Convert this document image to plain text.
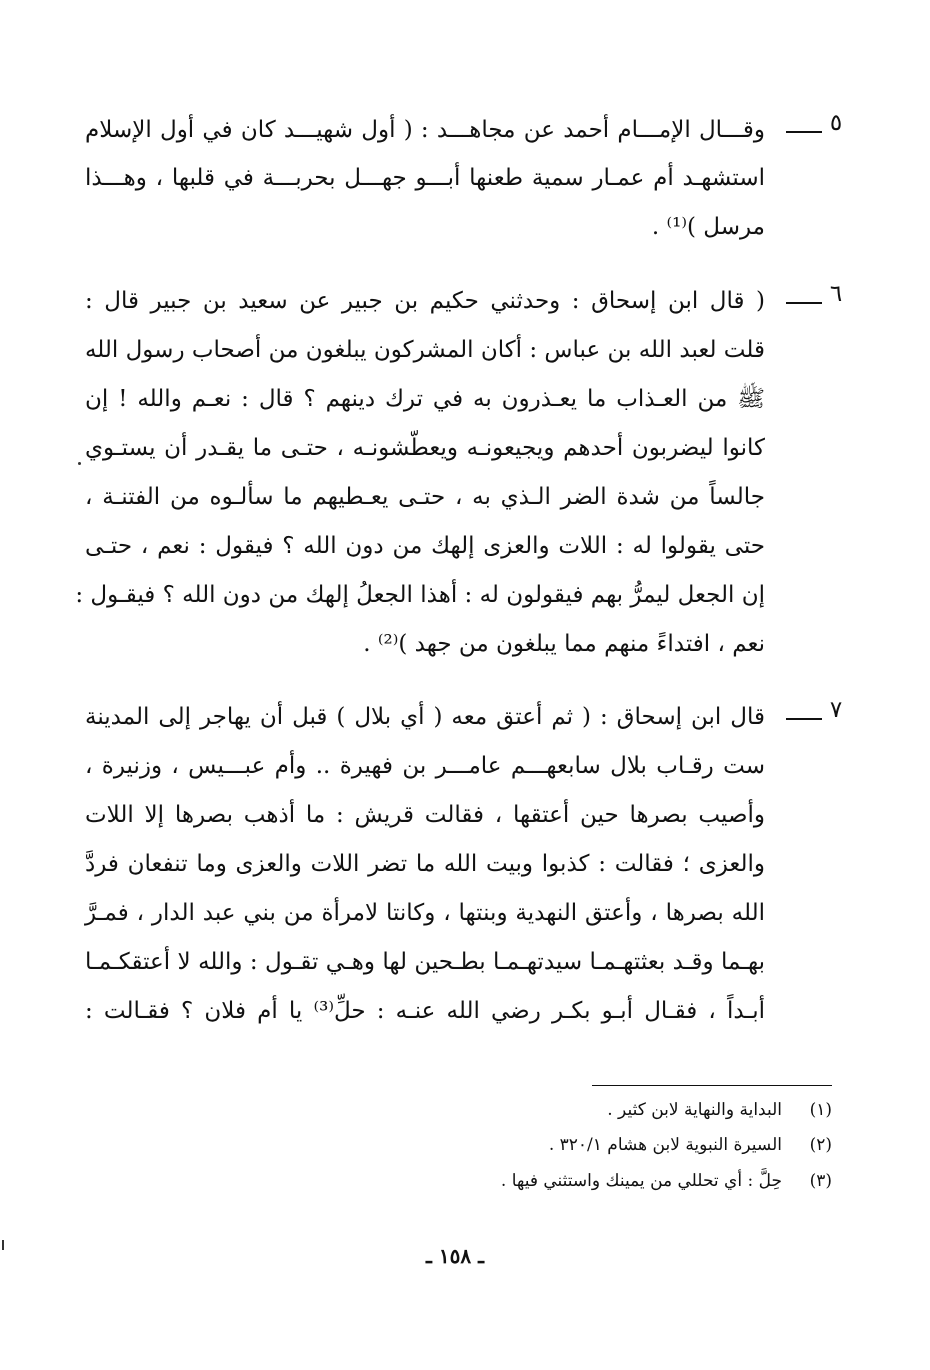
٥
وقـــال الإمـــام أحمد عن مجاهـــد : ( أول شهيـــد كان في أول الإسلام
استشهـد أم عمـار سمية طعنها أبـــو جهـــل بحربـــة في قلبها ، وهـــذا
مرسل )⁽¹⁾ .
٦
( قال ابن إسحاق : وحدثني حكيم بن جبير عن سعيد بن جبير قال :
قلت لعبد الله بن عباس : أكان المشركون يبلغون من أصحاب رسول الله
ﷺ من العـذاب ما يعـذرون به في ترك دينهم ؟ قال : نعـم والله ! إن
كانوا ليضربون أحدهم ويجيعونـه ويعطّشونـه ، حتـى ما يقـدر أن يستـوي
جالساً من شدة الضر الـذي به ، حتـى يعـطيهم ما سألـوه من الفتنـة ،
حتى يقولوا له : اللات والعزى إلهك من دون الله ؟ فيقول : نعم ، حتـى
إن الجعل ليمرُّ بهم فيقولون له : أهذا الجعلُ إلهك من دون الله ؟ فيقـول :
نعم ، افتداءً منهم مما يبلغون من جهد )⁽²⁾ .
٧
قال ابن إسحاق : ( ثم أعتق معه ( أي بلال ) قبل أن يهاجر إلى المدينة
ست رقـاب بلال سابعهـــم عامـــر بن فهيرة .. وأم عبـــيس ، وزنيرة ،
وأصيب بصرها حين أعتقها ، فقالت قريش : ما أذهب بصرها إلا اللات
والعزى ؛ فقالت : كذبوا وبيت الله ما تضر اللات والعزى وما تنفعان فردَّ
الله بصرها ، وأعتق النهدية وبنتها ، وكانتا لامرأة من بني عبد الدار ، فمـرَّ
بهـما وقـد بعثتهـمـا سيدتهـمـا بطـحين لها وهـي تقـول : والله لا أعتقكـمـا
أبـداً ، فقـال أبـو بكـر رضي الله عنـه : حلِّ⁽³⁾ يا أم فلان ؟ فقـالت :
(١)البداية والنهاية لابن كثير .
(٢)السيرة النبوية لابن هشام ٣٢٠/١ .
(٣)حِلَّ : أي تحللي من يمينك واستثني فيها .
ـ ١٥٨ ـ
